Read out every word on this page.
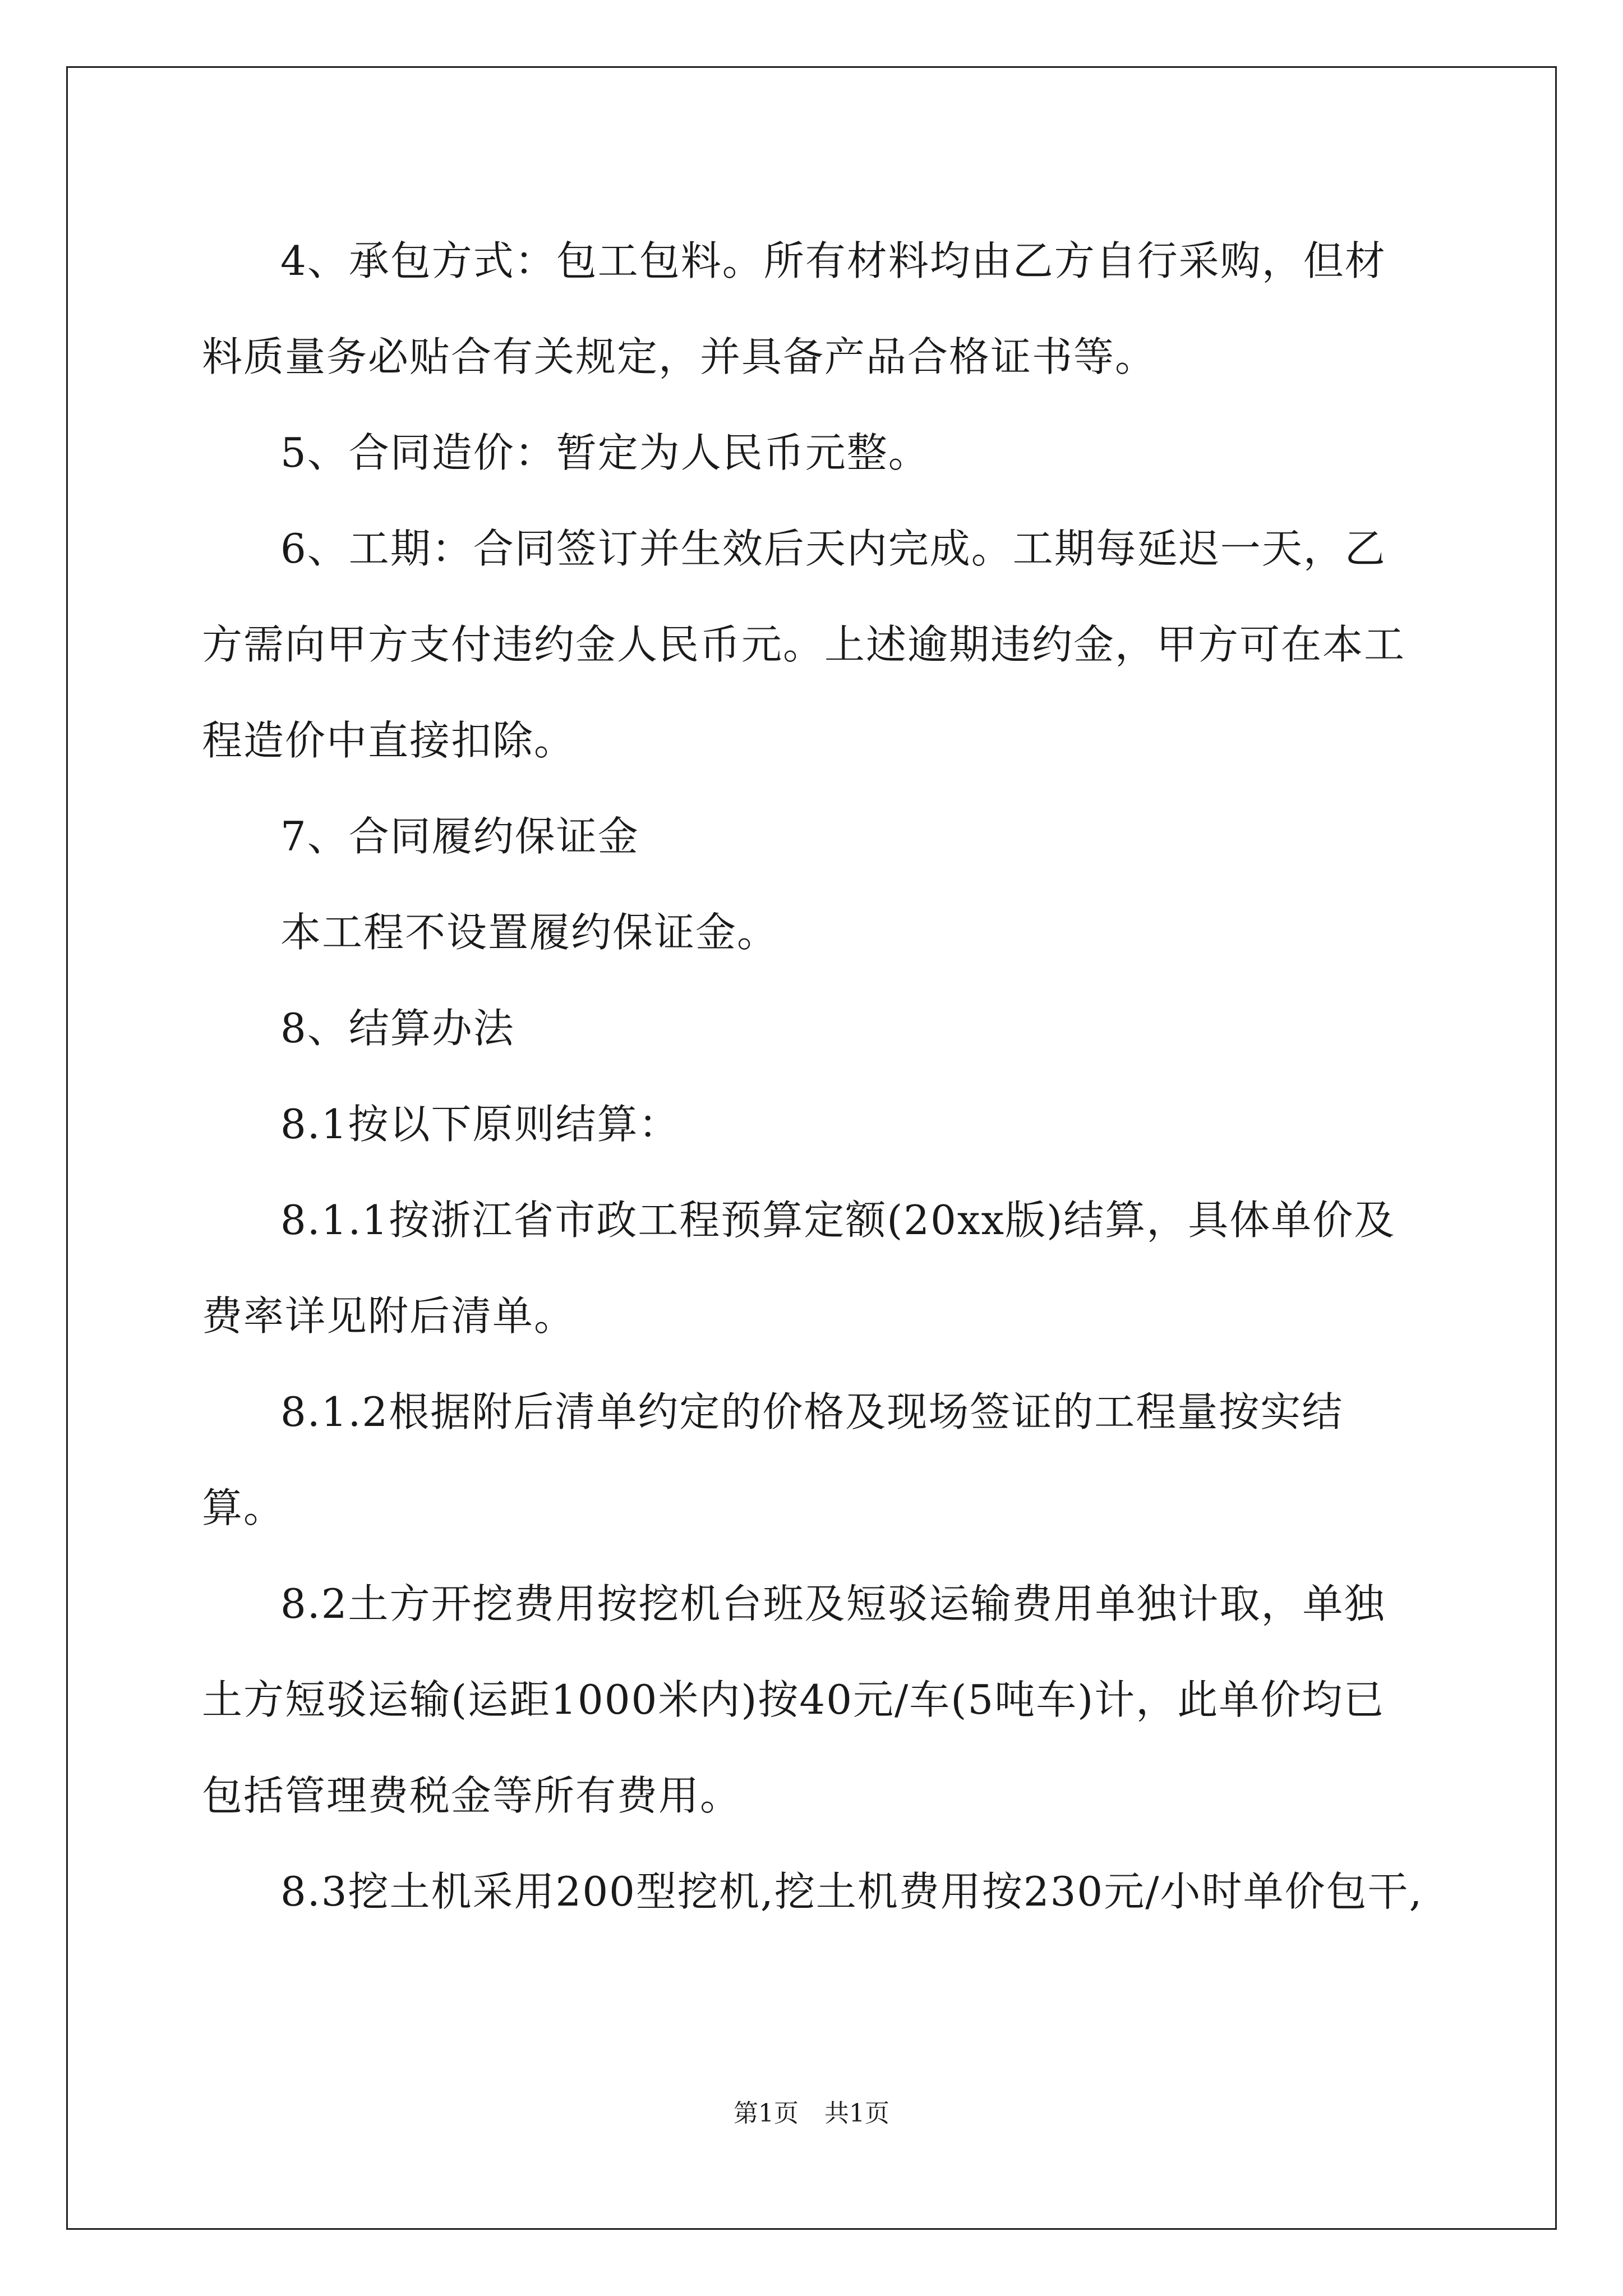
4、承包方式：包工包料。所有材料均由乙方自行采购，但材料质量务必贴合有关规定，并具备产品合格证书等。

5、合同造价：暂定为人民币元整。

6、工期：合同签订并生效后天内完成。工期每延迟一天，乙方需向甲方支付违约金人民币元。上述逾期违约金，甲方可在本工程造价中直接扣除。

7、合同履约保证金

本工程不设置履约保证金。

8、结算办法

8.1按以下原则结算：

8.1.1按浙江省市政工程预算定额(20xx版)结算，具体单价及费率详见附后清单。

8.1.2根据附后清单约定的价格及现场签证的工程量按实结算。

8.2土方开挖费用按挖机台班及短驳运输费用单独计取，单独土方短驳运输(运距1000米内)按40元/车(5吨车)计，此单价均已包括管理费税金等所有费用。

8.3挖土机采用200型挖机,挖土机费用按230元/小时单价包干,

第1页 共1页
